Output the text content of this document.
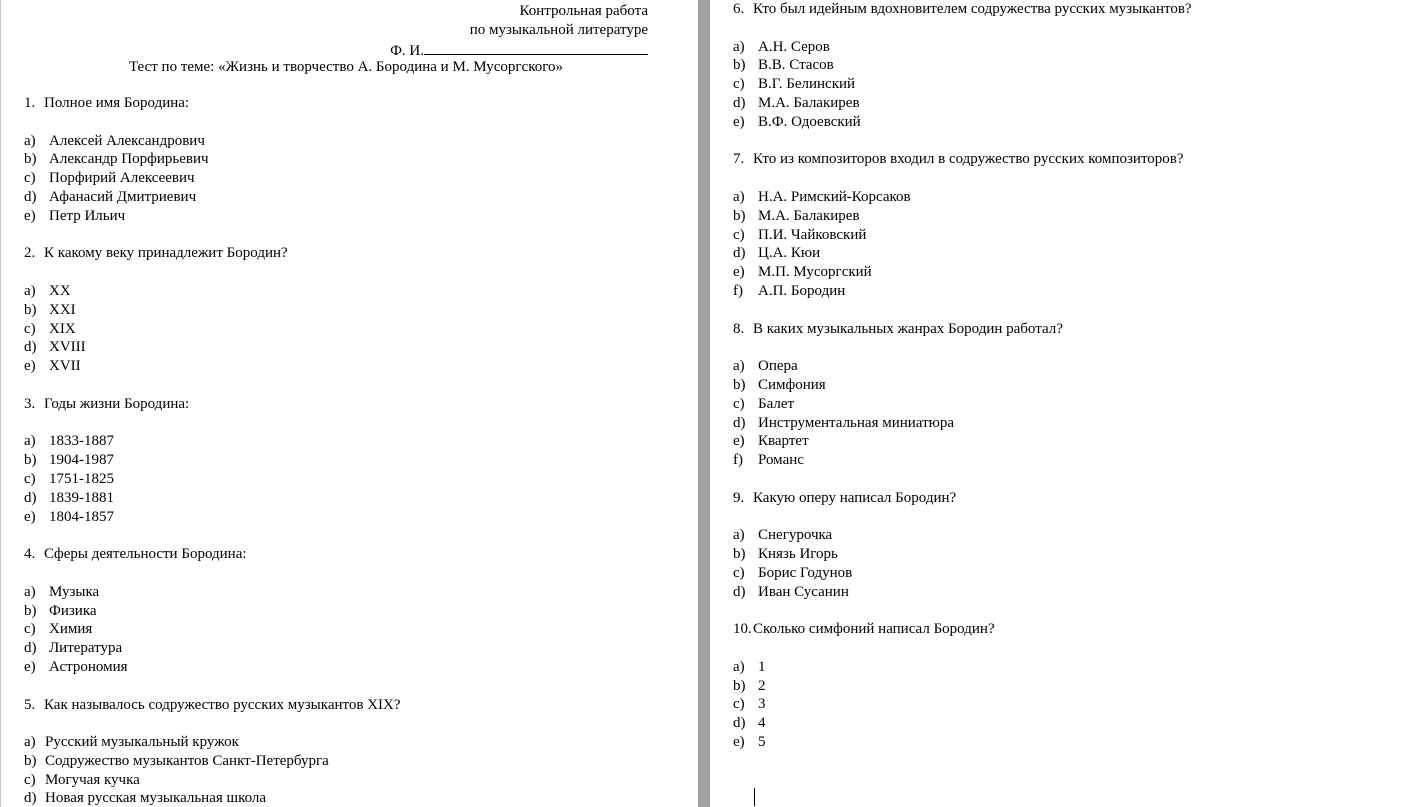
Контрольная работа
по музыкальной литературе
Ф. И.
Тест по теме: «Жизнь и творчество А. Бородина и М. Мусоргского»
1. Полное имя Бородина:
a) Алексей Александрович
b) Александр Порфирьевич
c) Порфирий Алексеевич
d) Афанасий Дмитриевич
e) Петр Ильич
2. К какому веку принадлежит Бородин?
a) XX
b) XXI
c) XIX
d) XVIII
e) XVII
3. Годы жизни Бородина:
a) 1833-1887
b) 1904-1987
c) 1751-1825
d) 1839-1881
e) 1804-1857
4. Сферы деятельности Бородина:
a) Музыка
b) Физика
c) Химия
d) Литература
e) Астрономия
5. Как называлось содружество русских музыкантов XIX?
a) Русский музыкальный кружок
b) Содружество музыкантов Санкт-Петербурга
c) Могучая кучка
d) Новая русская музыкальная школа
6. Кто был идейным вдохновителем содружества русских музыкантов?
a) А.Н. Серов
b) В.В. Стасов
c) В.Г. Белинский
d) М.А. Балакирев
e) В.Ф. Одоевский
7. Кто из композиторов входил в содружество русских композиторов?
a) Н.А. Римский-Корсаков
b) М.А. Балакирев
c) П.И. Чайковский
d) Ц.А. Кюи
e) М.П. Мусоргский
f) А.П. Бородин
8. В каких музыкальных жанрах Бородин работал?
a) Опера
b) Симфония
c) Балет
d) Инструментальная миниатюра
e) Квартет
f) Романс
9. Какую оперу написал Бородин?
a) Снегурочка
b) Князь Игорь
c) Борис Годунов
d) Иван Сусанин
10.Сколько симфоний написал Бородин?
a) 1
b) 2
c) 3
d) 4
e) 5
